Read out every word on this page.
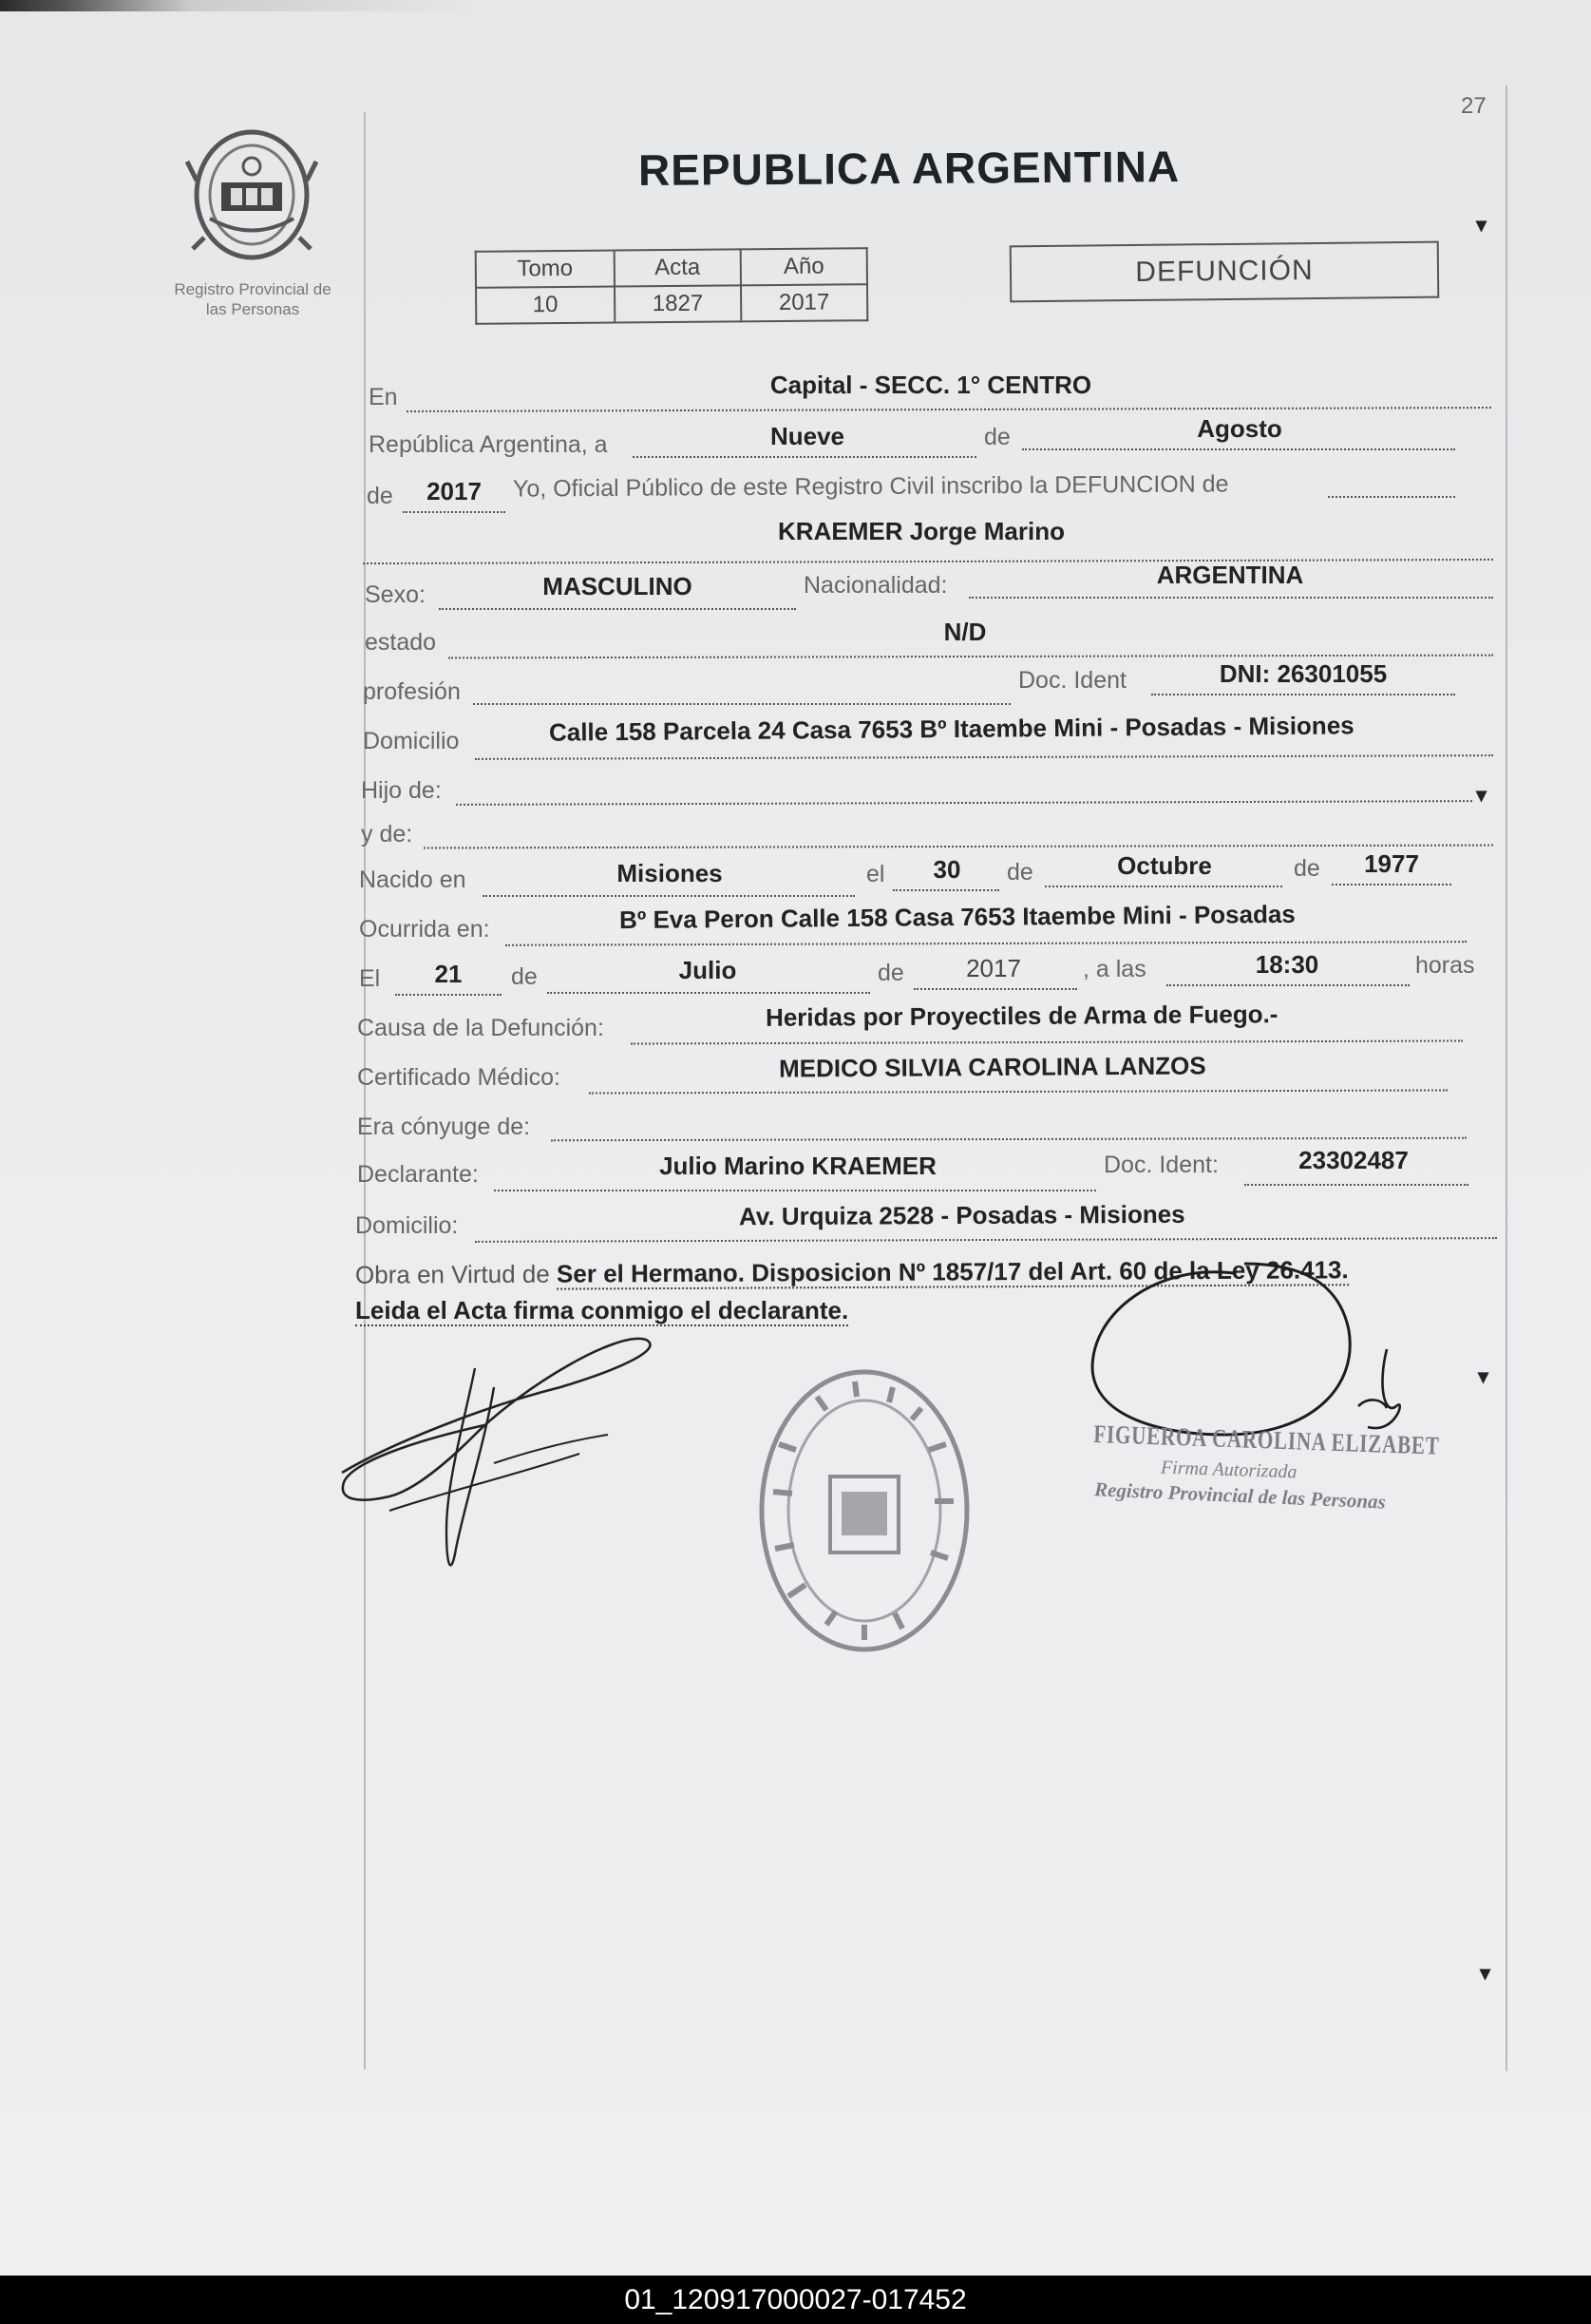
27
Registro Provincial de
las Personas
REPUBLICA ARGENTINA
Tomo	Acta	Año
10	1827	2017
DEFUNCIÓN
En	Capital - SECC. 1° CENTRO
República Argentina, a	Nueve	de	Agosto
de	2017	Yo, Oficial Público de este Registro Civil inscribo la DEFUNCION de
KRAEMER Jorge Marino
Sexo:	MASCULINO	Nacionalidad:	ARGENTINA
estado	N/D
profesión	Doc. Ident	DNI: 26301055
Domicilio	Calle 158 Parcela 24 Casa 7653 Bº Itaembe Mini - Posadas - Misiones
Hijo de:	▾
y de:
Nacido en	Misiones	el	30	de	Octubre	de	1977
Ocurrida en:	Bº Eva Peron Calle 158 Casa 7653 Itaembe Mini - Posadas
El	21	de	Julio	de	2017	, a las	18:30	horas
Causa de la Defunción:	Heridas por Proyectiles de Arma de Fuego.-
Certificado Médico:	MEDICO SILVIA CAROLINA LANZOS
Era cónyuge de:
Declarante:	Julio Marino KRAEMER	Doc. Ident:	23302487
Domicilio:	Av. Urquiza 2528 - Posadas - Misiones
Obra en Virtud de Ser el Hermano. Disposicion Nº 1857/17 del Art. 60 de la Ley 26.413.
Leida el Acta firma conmigo el declarante.
▾
▾
▾
FIGUEROA CAROLINA ELIZABET
Firma Autorizada
Registro Provincial de las Personas
01_120917000027-017452
